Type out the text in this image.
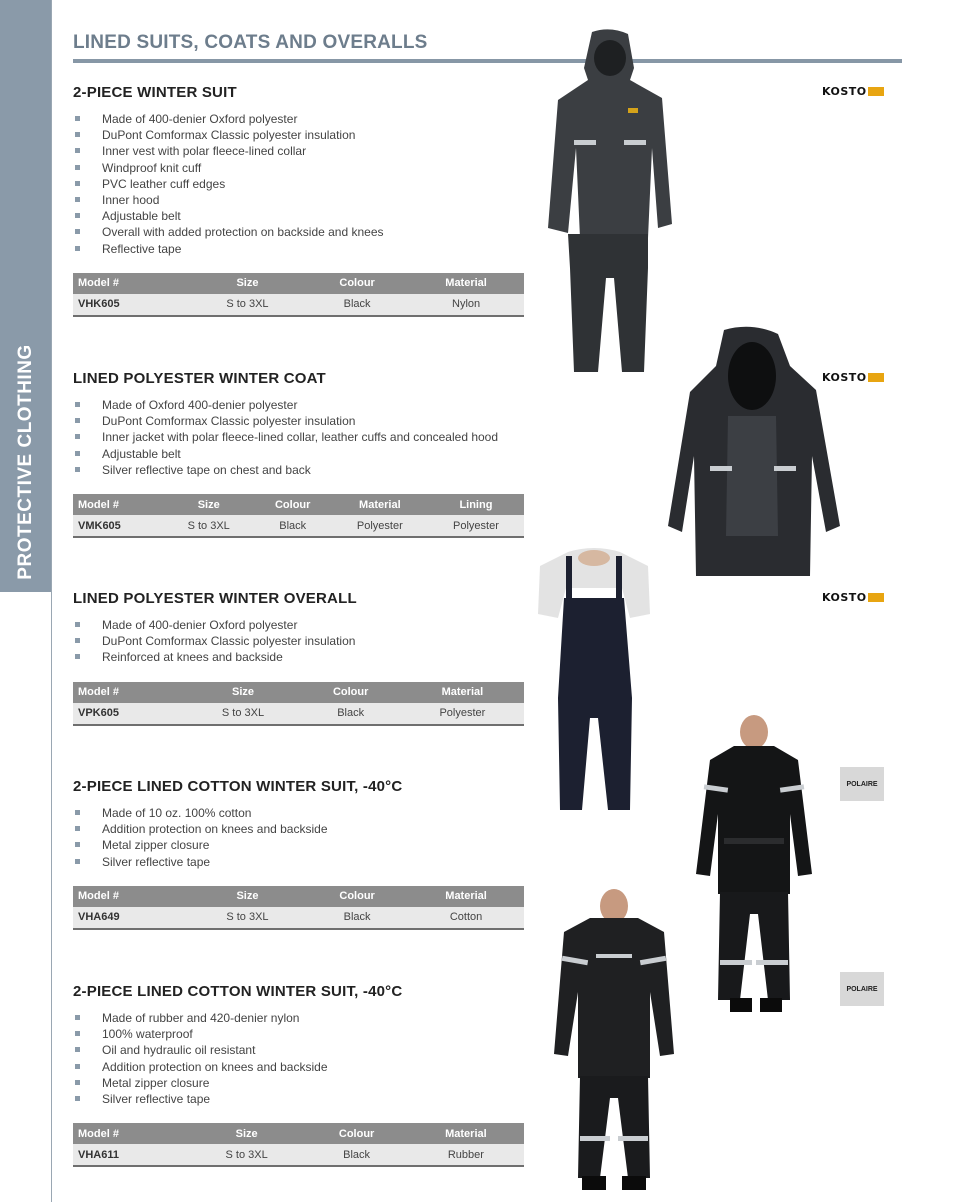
PROTECTIVE CLOTHING
LINED SUITS, COATS AND OVERALLS
2-PIECE WINTER SUIT
Made of 400-denier Oxford polyester
DuPont Comformax Classic polyester insulation
Inner vest with polar fleece-lined collar
Windproof knit cuff
PVC leather cuff edges
Inner hood
Adjustable belt
Overall with added protection on backside and knees
Reflective tape
Model #	Size	Colour	Material
VHK605	S to 3XL	Black	Nylon
LINED POLYESTER WINTER COAT
Made of Oxford 400-denier polyester
DuPont Comformax Classic polyester insulation
Inner jacket with polar fleece-lined collar, leather cuffs and concealed hood
Adjustable belt
Silver reflective tape on chest and back
Model #	Size	Colour	Material	Lining
VMK605	S to 3XL	Black	Polyester	Polyester
LINED POLYESTER WINTER OVERALL
Made of 400-denier Oxford polyester
DuPont Comformax Classic polyester insulation
Reinforced at knees and backside
Model #	Size	Colour	Material
VPK605	S to 3XL	Black	Polyester
2-PIECE LINED COTTON WINTER SUIT, -40°C
Made of 10 oz. 100% cotton
Addition protection on knees and backside
Metal zipper closure
Silver reflective tape
Model #	Size	Colour	Material
VHA649	S to 3XL	Black	Cotton
2-PIECE LINED COTTON WINTER SUIT, -40°C
Made of rubber and 420-denier nylon
100% waterproof
Oil and hydraulic oil resistant
Addition protection on knees and backside
Metal zipper closure
Silver reflective tape
Model #	Size	Colour	Material
VHA611	S to 3XL	Black	Rubber
KOSTO
KOSTO
KOSTO
POLAIRE
POLAIRE
